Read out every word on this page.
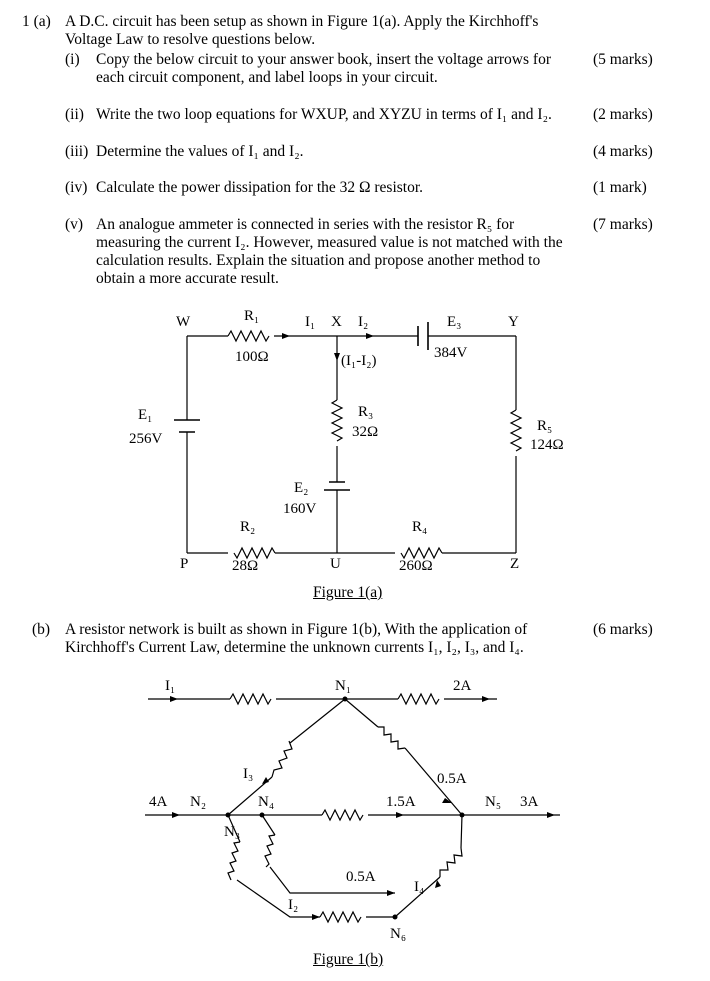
1 (a) A D.C. circuit has been setup as shown in Figure 1(a). Apply the Kirchhoff's
Voltage Law to resolve questions below.
(i) Copy the below circuit to your answer book, insert the voltage arrows for
each circuit component, and label loops in your circuit.
(5 marks)
(ii) Write the two loop equations for WXUP, and XYZU in terms of I₁ and I₂.	(2 marks)
(iii) Determine the values of I₁ and I₂.	(4 marks)
(iv) Calculate the power dissipation for the 32 Ω resistor.	(1 mark)
(v) An analogue ammeter is connected in series with the resistor R₅ for
measuring the current I₂. However, measured value is not matched with the
calculation results. Explain the situation and propose another method to
obtain a more accurate result.
(7 marks)
W	X	Y
Z
U
P
I₁	I₂
(I₁-I₂)
R₁
100Ω
E₃
384V
E₁
256V
R₃
32Ω	R₅
124Ω
E₂
160V
R₂
28Ω
R₄
260Ω
Figure 1(a)
(b) A resistor network is built as shown in Figure 1(b), With the application of
Kirchhoff's Current Law, determine the unknown currents I₁, I₂, I₃, and I₄.
(6 marks)
I₁	N₁	2A
I₃	0.5A
4A N₂	N₄	1.5A	N₅ 3A
N₃
0.5A
I₄
I₂
N₆
Figure 1(b)
